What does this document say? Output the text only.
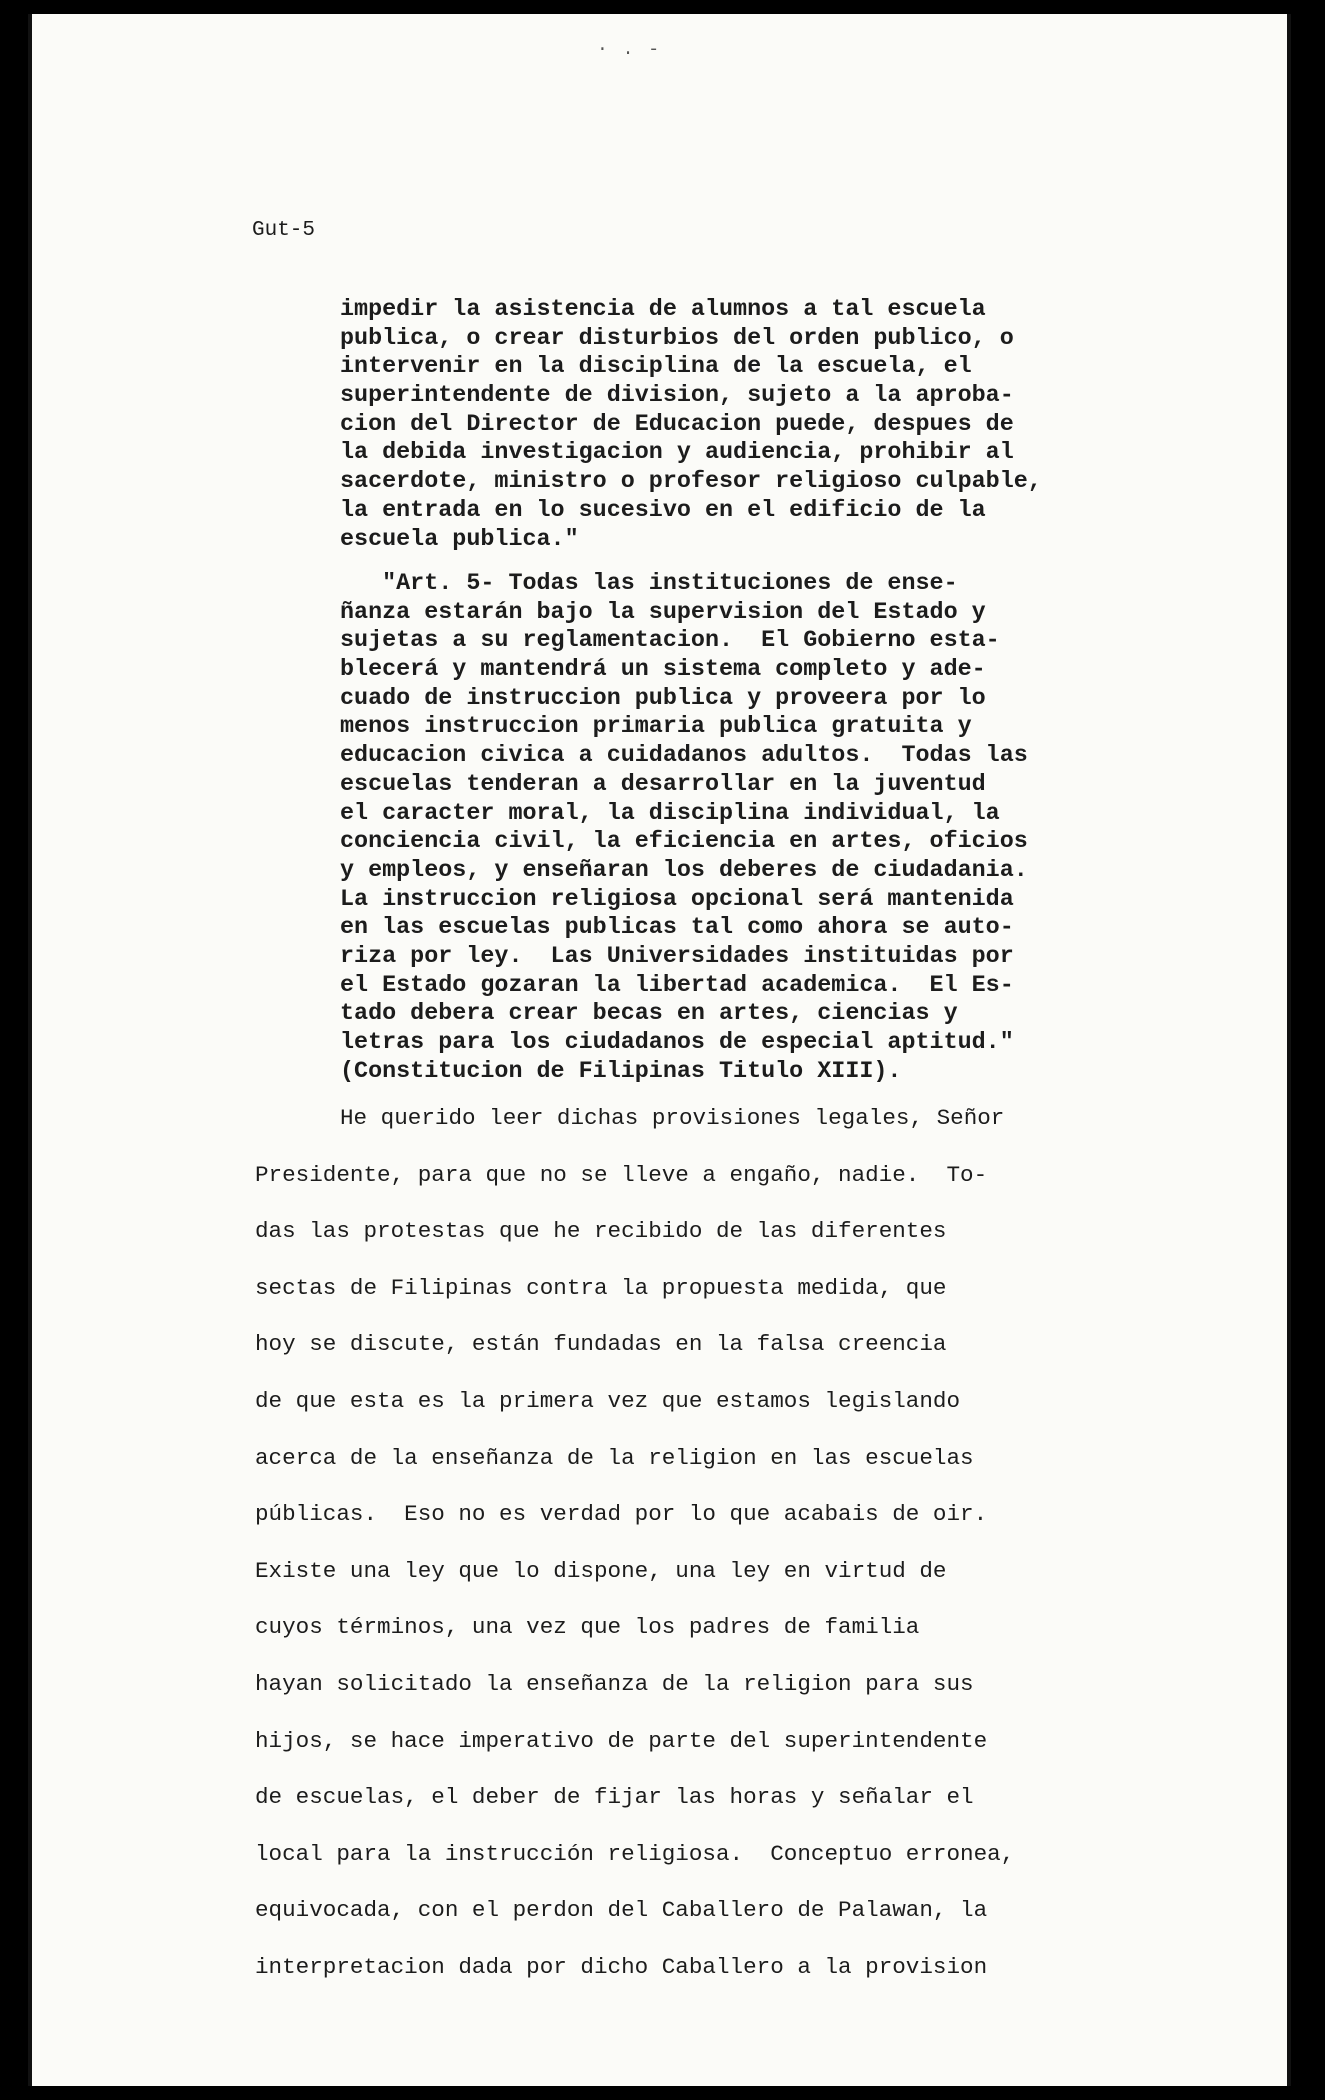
· . -
Gut-5
impedir la asistencia de alumnos a tal escuela
publica, o crear disturbios del orden publico, o
intervenir en la disciplina de la escuela, el
superintendente de division, sujeto a la aproba-
cion del Director de Educacion puede, despues de
la debida investigacion y audiencia, prohibir al
sacerdote, ministro o profesor religioso culpable,
la entrada en lo sucesivo en el edificio de la
escuela publica."
"Art. 5- Todas las instituciones de ense-
ñanza estarán bajo la supervision del Estado y
sujetas a su reglamentacion.  El Gobierno esta-
blecerá y mantendrá un sistema completo y ade-
cuado de instruccion publica y proveera por lo
menos instruccion primaria publica gratuita y
educacion civica a cuidadanos adultos.  Todas las
escuelas tenderan a desarrollar en la juventud
el caracter moral, la disciplina individual, la
conciencia civil, la eficiencia en artes, oficios
y empleos, y enseñaran los deberes de ciudadania.
La instruccion religiosa opcional será mantenida
en las escuelas publicas tal como ahora se auto-
riza por ley.  Las Universidades instituidas por
el Estado gozaran la libertad academica.  El Es-
tado debera crear becas en artes, ciencias y
letras para los ciudadanos de especial aptitud."
(Constitucion de Filipinas Titulo XIII).
He querido leer dichas provisiones legales, Señor
Presidente, para que no se lleve a engaño, nadie.  To-
das las protestas que he recibido de las diferentes
sectas de Filipinas contra la propuesta medida, que
hoy se discute, están fundadas en la falsa creencia
de que esta es la primera vez que estamos legislando
acerca de la enseñanza de la religion en las escuelas
públicas.  Eso no es verdad por lo que acabais de oir.
Existe una ley que lo dispone, una ley en virtud de
cuyos términos, una vez que los padres de familia
hayan solicitado la enseñanza de la religion para sus
hijos, se hace imperativo de parte del superintendente
de escuelas, el deber de fijar las horas y señalar el
local para la instrucción religiosa.  Conceptuo erronea,
equivocada, con el perdon del Caballero de Palawan, la
interpretacion dada por dicho Caballero a la provision
